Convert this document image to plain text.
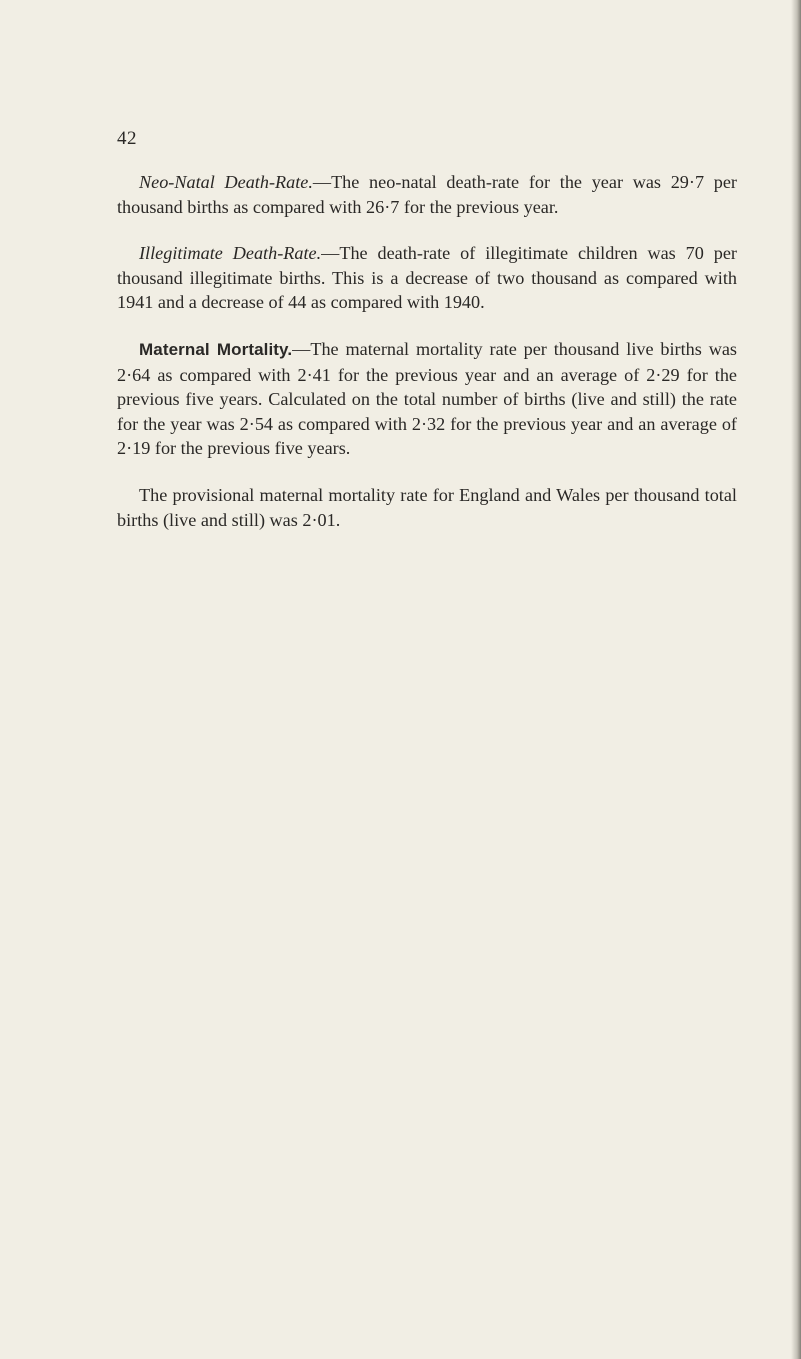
42

Neo-Natal Death-Rate.—The neo-natal death-rate for the year was 29·7 per thousand births as compared with 26·7 for the previous year.

Illegitimate Death-Rate.—The death-rate of illegitimate children was 70 per thousand illegitimate births. This is a decrease of two thousand as compared with 1941 and a decrease of 44 as compared with 1940.

Maternal Mortality.—The maternal mortality rate per thousand live births was 2·64 as compared with 2·41 for the previous year and an average of 2·29 for the previous five years. Calculated on the total number of births (live and still) the rate for the year was 2·54 as compared with 2·32 for the previous year and an average of 2·19 for the previous five years.

The provisional maternal mortality rate for England and Wales per thousand total births (live and still) was 2·01.
